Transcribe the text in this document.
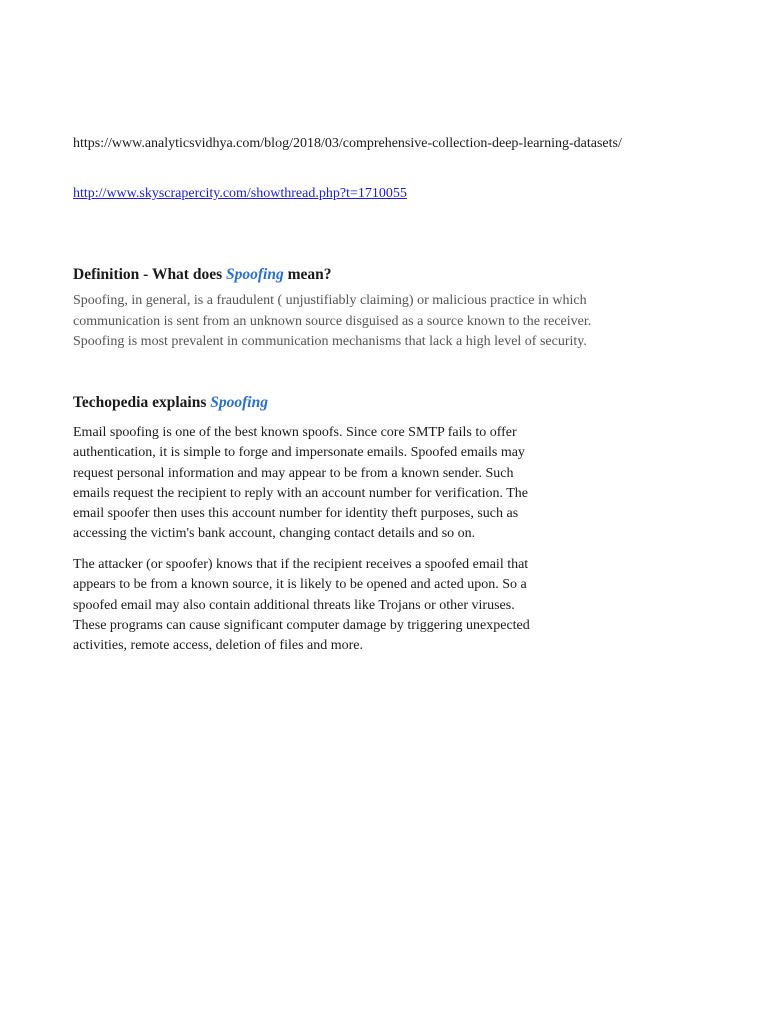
https://www.analyticsvidhya.com/blog/2018/03/comprehensive-collection-deep-learning-datasets/
http://www.skyscrapercity.com/showthread.php?t=1710055
Definition - What does Spoofing mean?
Spoofing, in general, is a fraudulent ( unjustifiably claiming) or malicious practice in which
communication is sent from an unknown source disguised as a source known to the receiver.
Spoofing is most prevalent in communication mechanisms that lack a high level of security.
Techopedia explains Spoofing
Email spoofing is one of the best known spoofs. Since core SMTP fails to offer
authentication, it is simple to forge and impersonate emails. Spoofed emails may
request personal information and may appear to be from a known sender. Such
emails request the recipient to reply with an account number for verification. The
email spoofer then uses this account number for identity theft purposes, such as
accessing the victim's bank account, changing contact details and so on.
The attacker (or spoofer) knows that if the recipient receives a spoofed email that
appears to be from a known source, it is likely to be opened and acted upon. So a
spoofed email may also contain additional threats like Trojans or other viruses.
These programs can cause significant computer damage by triggering unexpected
activities, remote access, deletion of files and more.
